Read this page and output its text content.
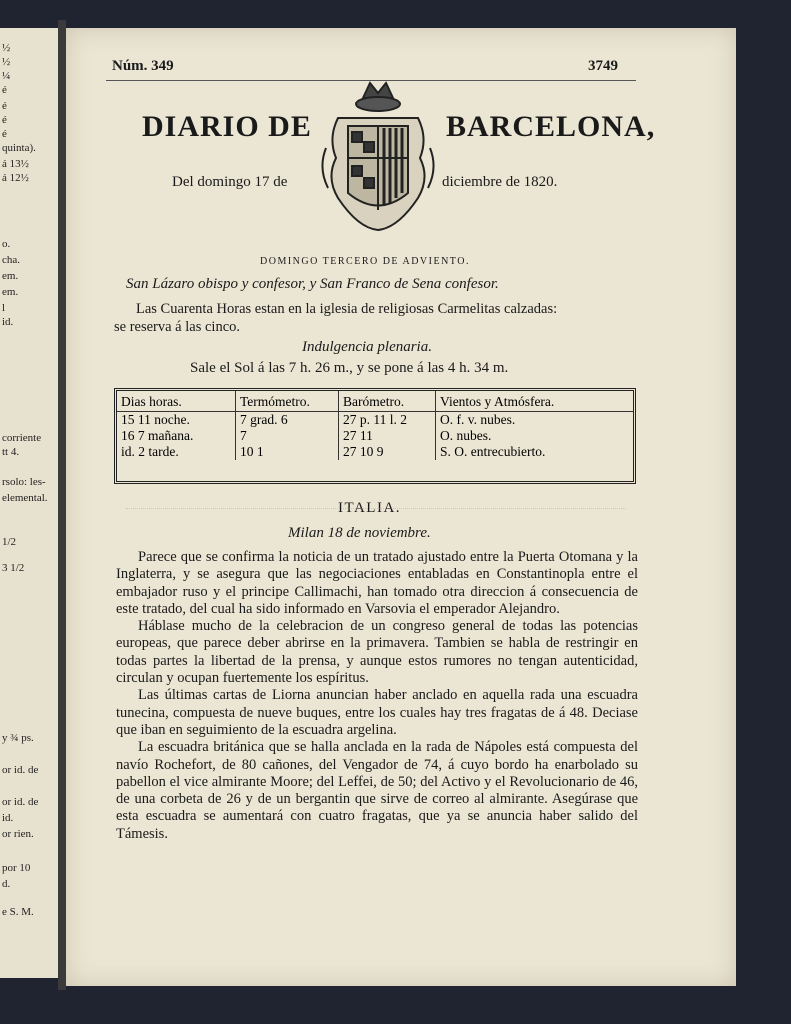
½
½
¼
é
é
é
é
quinta).
á 13½
á 12½
o.
cha.
em.
em.
l
id.
corriente
tt 4.
rsolo: les-
elemental.
1/2
3 1/2
y ¾ ps.
or id. de
or id. de
id.
or rien.
por 10
d.
e S. M.
Núm. 349	3749
DIARIO DE	BARCELONA,
Del domingo 17 de	diciembre de 1820.
DOMINGO TERCERO DE ADVIENTO.
San Lázaro obispo y confesor, y San Franco de Sena confesor.
Las Cuarenta Horas estan en la iglesia de religiosas Carmelitas calzadas:
se reserva á las cinco.
Indulgencia plenaria.
Sale el Sol á las 7 h. 26 m., y se pone á las 4 h. 34 m.
Dias horas.	Termómetro.	Barómetro.	Vientos y Atmósfera.
15 11 noche.	7 grad. 6	27 p. 11 l. 2	O. f. v. nubes.
16 7 mañana.	7	27 11	O. nubes.
id. 2 tarde.	10 1	27 10 9	S. O. entrecubierto.
ITALIA.
Milan 18 de noviembre.

Parece que se confirma la noticia de un tratado ajustado entre la Puerta Otomana y la Inglaterra, y se asegura que las negociaciones entabladas en Constantinopla entre el embajador ruso y el principe Callimachi, han tomado otra direccion á consecuencia de este tratado, del cual ha sido informado en Varsovia el emperador Alejandro.

Háblase mucho de la celebracion de un congreso general de todas las potencias europeas, que parece deber abrirse en la primavera. Tambien se habla de restringir en todas partes la libertad de la prensa, y aunque estos rumores no tengan autenticidad, circulan y ocupan fuertemente los espíritus.

Las últimas cartas de Liorna anuncian haber anclado en aquella rada una escuadra tunecina, compuesta de nueve buques, entre los cuales hay tres fragatas de á 48. Deciase que iban en seguimiento de la escuadra argelina.

La escuadra británica que se halla anclada en la rada de Nápoles está compuesta del navío Rochefort, de 80 cañones, del Vengador de 74, á cuyo bordo ha enarbolado su pabellon el vice almirante Moore; del Leffei, de 50; del Activo y el Revolucionario de 46, de una corbeta de 26 y de un bergantin que sirve de correo al almirante. Asegúrase que esta escuadra se aumentará con cuatro fragatas, que ya se anuncia haber salido del Támesis.
